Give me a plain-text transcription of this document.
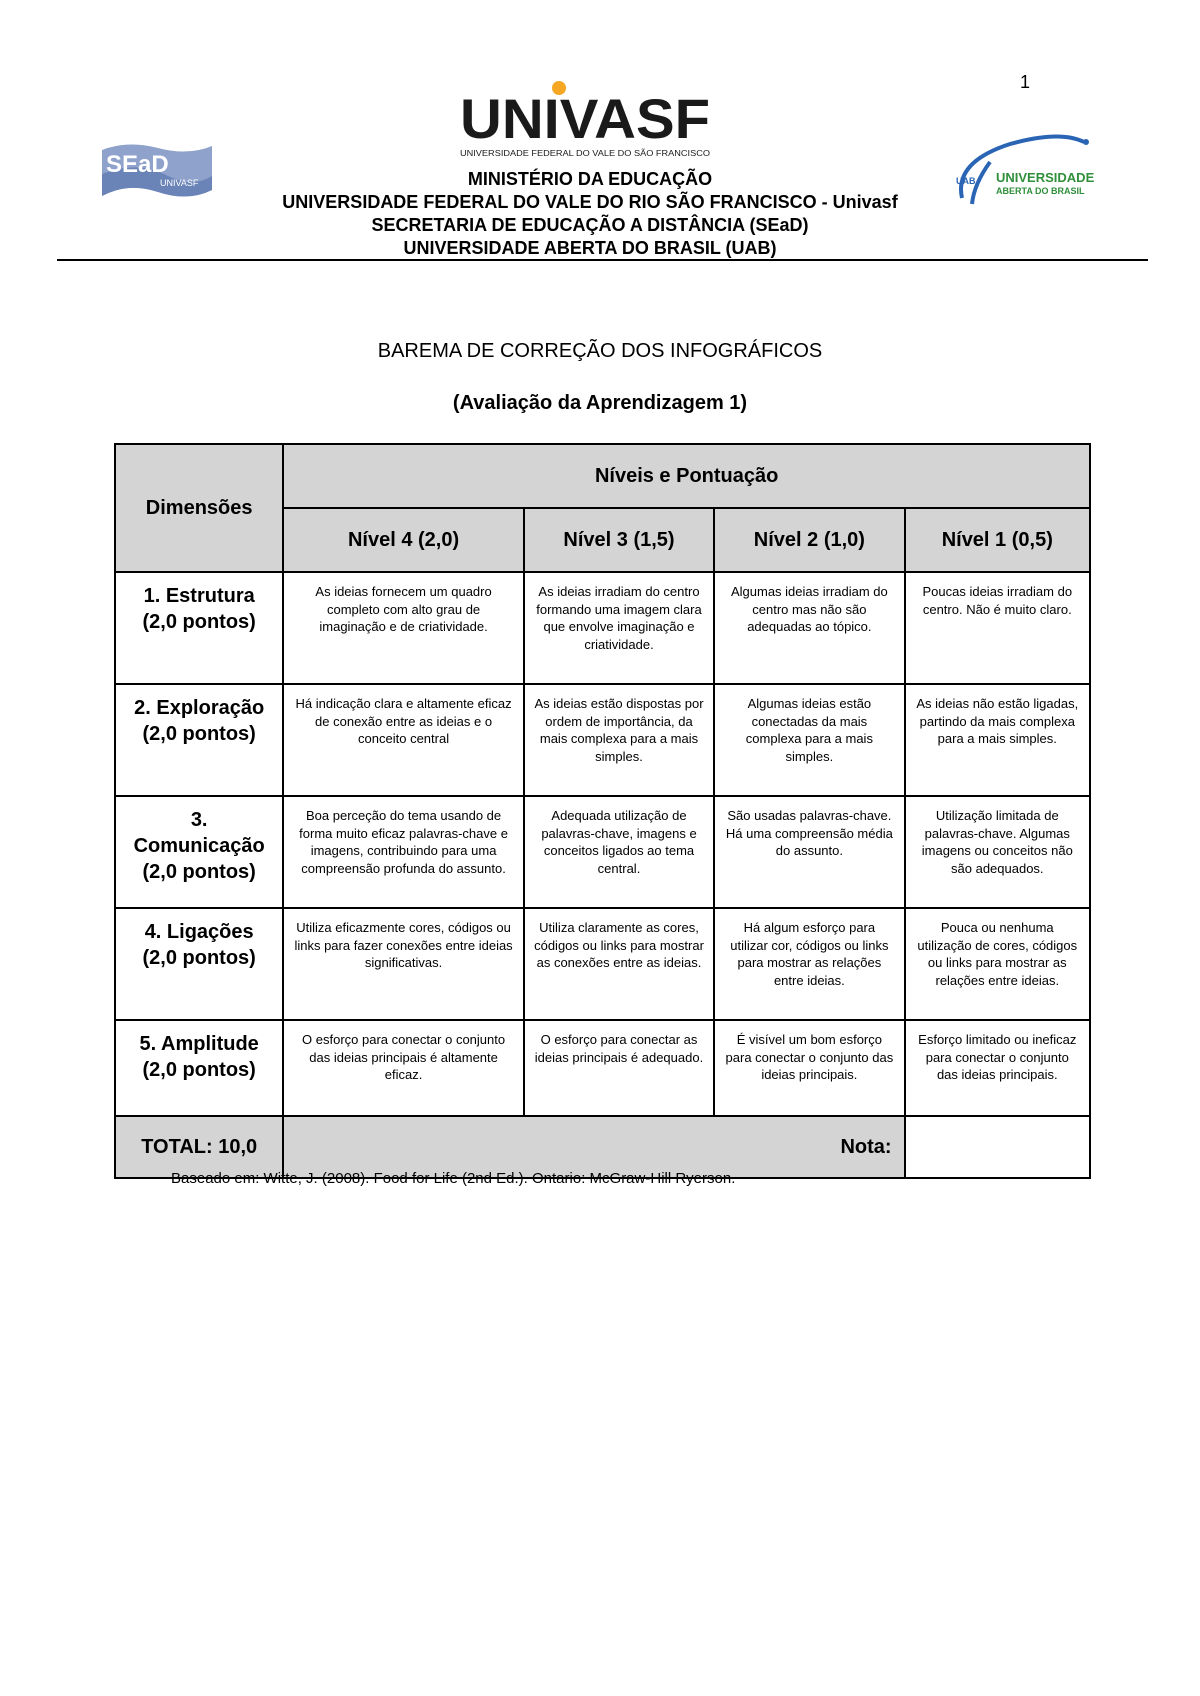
1
SEaD
UNIVASF
UNIVASF
UNIVERSIDADE FEDERAL DO VALE DO SÃO FRANCISCO
UAB UNIVERSIDADE
ABERTA DO BRASIL
MINISTÉRIO DA EDUCAÇÃO
UNIVERSIDADE FEDERAL DO VALE DO RIO SÃO FRANCISCO - Univasf
SECRETARIA DE EDUCAÇÃO A DISTÂNCIA (SEaD)
UNIVERSIDADE ABERTA DO BRASIL (UAB)
BAREMA DE CORREÇÃO DOS INFOGRÁFICOS
(Avaliação da Aprendizagem 1)
Dimensões	Níveis e Pontuação			
	Nível 4 (2,0)	Nível 3 (1,5)	Nível 2 (1,0)	Nível 1 (0,5)

1. Estrutura
(2,0 pontos)	As ideias fornecem um quadro completo com alto grau de imaginação e de criatividade.	As ideias irradiam do centro formando uma imagem clara que envolve imaginação e criatividade.	Algumas ideias irradiam do centro mas não são adequadas ao tópico.	Poucas ideias irradiam do centro. Não é muito claro.

2. Exploração
(2,0 pontos)	Há indicação clara e altamente eficaz de conexão entre as ideias e o conceito central	As ideias estão dispostas por ordem de importância, da mais complexa para a mais simples.	Algumas ideias estão conectadas da mais complexa para a mais simples.	As ideias não estão ligadas, partindo da mais complexa para a mais simples.

3.
Comunicação
(2,0 pontos)	Boa perceção do tema usando de forma muito eficaz palavras-chave e imagens, contribuindo para uma compreensão profunda do assunto.	Adequada utilização de palavras-chave, imagens e conceitos ligados ao tema central.	São usadas palavras-chave. Há uma compreensão média do assunto.	Utilização limitada de palavras-chave. Algumas imagens ou conceitos não são adequados.

4. Ligações
(2,0 pontos)	Utiliza eficazmente cores, códigos ou links para fazer conexões entre ideias significativas.	Utiliza claramente as cores, códigos ou links para mostrar as conexões entre as ideias.	Há algum esforço para utilizar cor, códigos ou links para mostrar as relações entre ideias.	Pouca ou nenhuma utilização de cores, códigos ou links para mostrar as relações entre ideias.

5. Amplitude
(2,0 pontos)	O esforço para conectar o conjunto das ideias principais é altamente eficaz.	O esforço para conectar as ideias principais é adequado.	É visível um bom esforço para conectar o conjunto das ideias principais.	Esforço limitado ou ineficaz para conectar o conjunto das ideias principais.
TOTAL: 10,0	Nota:			
Baseado em: Witte, J. (2008). Food for Life (2nd Ed.). Ontario: McGraw-Hill Ryerson.
